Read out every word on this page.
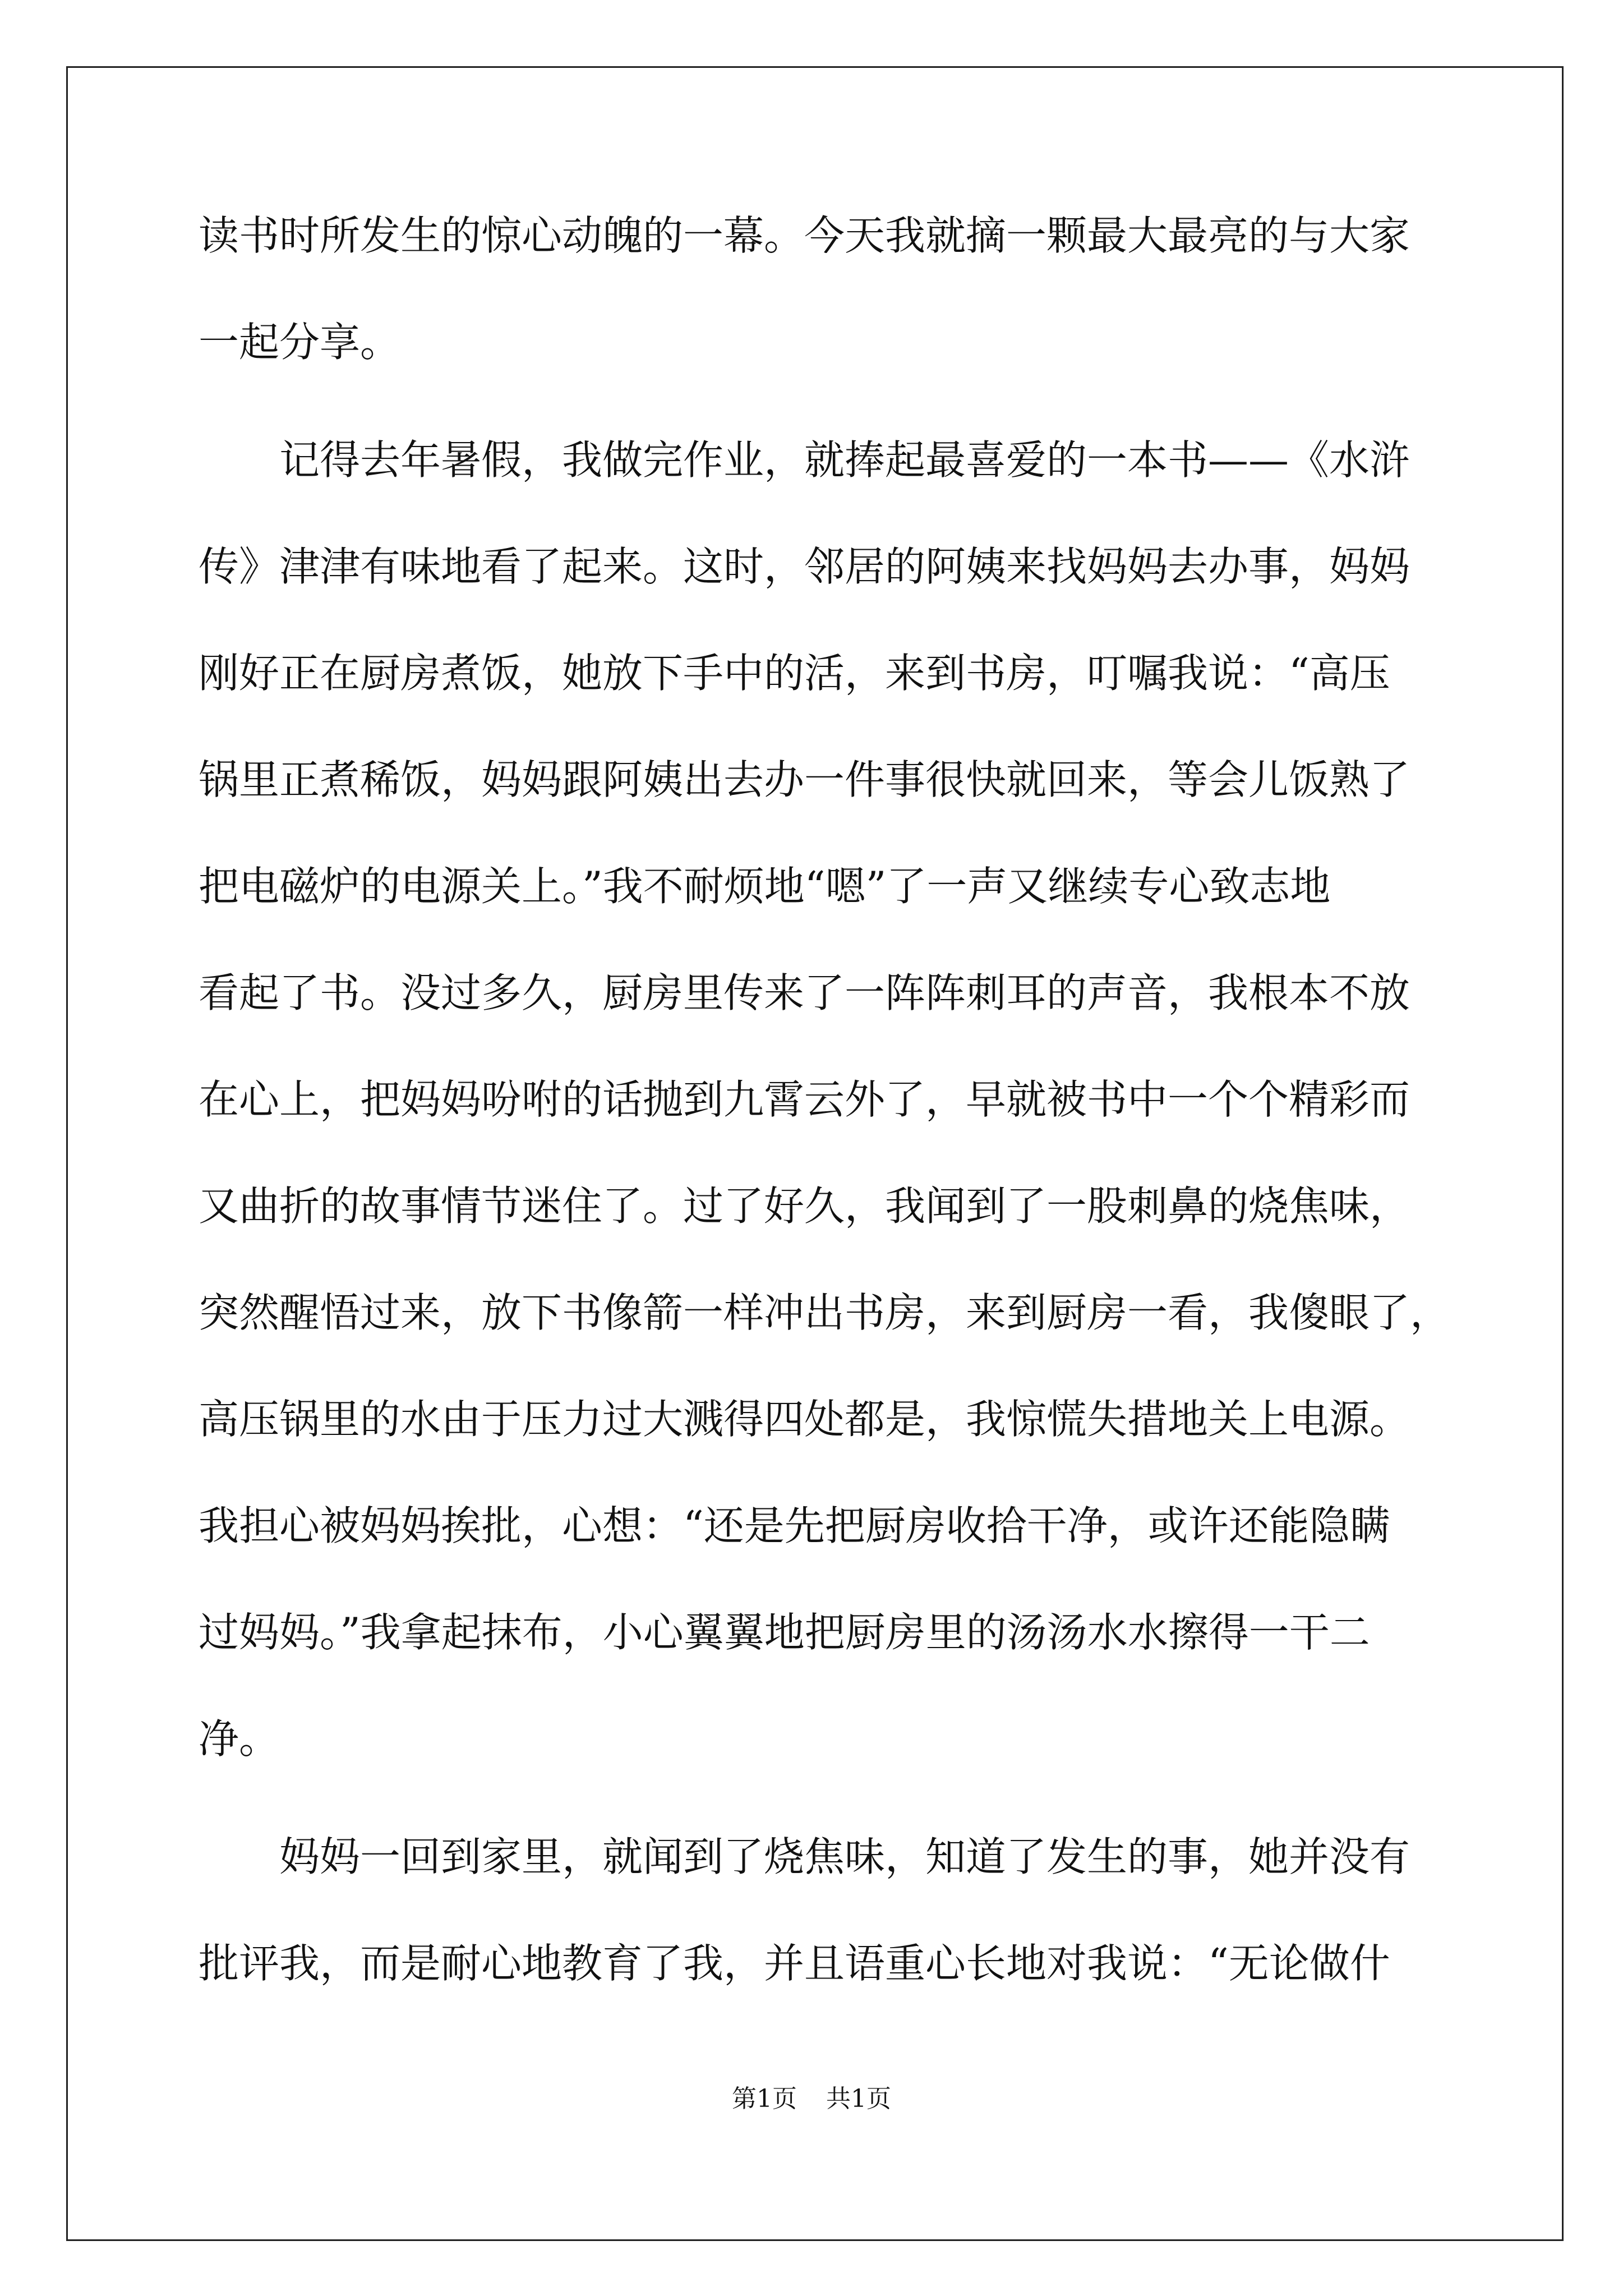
读书时所发生的惊心动魄的一幕。今天我就摘一颗最大最亮的与大家
一起分享。
记得去年暑假，我做完作业，就捧起最喜爱的一本书——《水浒
传》津津有味地看了起来。这时，邻居的阿姨来找妈妈去办事，妈妈
刚好正在厨房煮饭，她放下手中的活，来到书房，叮嘱我说：“高压
锅里正煮稀饭，妈妈跟阿姨出去办一件事很快就回来，等会儿饭熟了
把电磁炉的电源关上。”我不耐烦地“嗯”了一声又继续专心致志地
看起了书。没过多久，厨房里传来了一阵阵刺耳的声音，我根本不放
在心上，把妈妈吩咐的话抛到九霄云外了，早就被书中一个个精彩而
又曲折的故事情节迷住了。过了好久，我闻到了一股刺鼻的烧焦味，
突然醒悟过来，放下书像箭一样冲出书房，来到厨房一看，我傻眼了，
高压锅里的水由于压力过大溅得四处都是，我惊慌失措地关上电源。
我担心被妈妈挨批，心想：“还是先把厨房收拾干净，或许还能隐瞒
过妈妈。”我拿起抹布，小心翼翼地把厨房里的汤汤水水擦得一干二
净。
妈妈一回到家里，就闻到了烧焦味，知道了发生的事，她并没有
批评我，而是耐心地教育了我，并且语重心长地对我说：“无论做什
第1页 共1页
